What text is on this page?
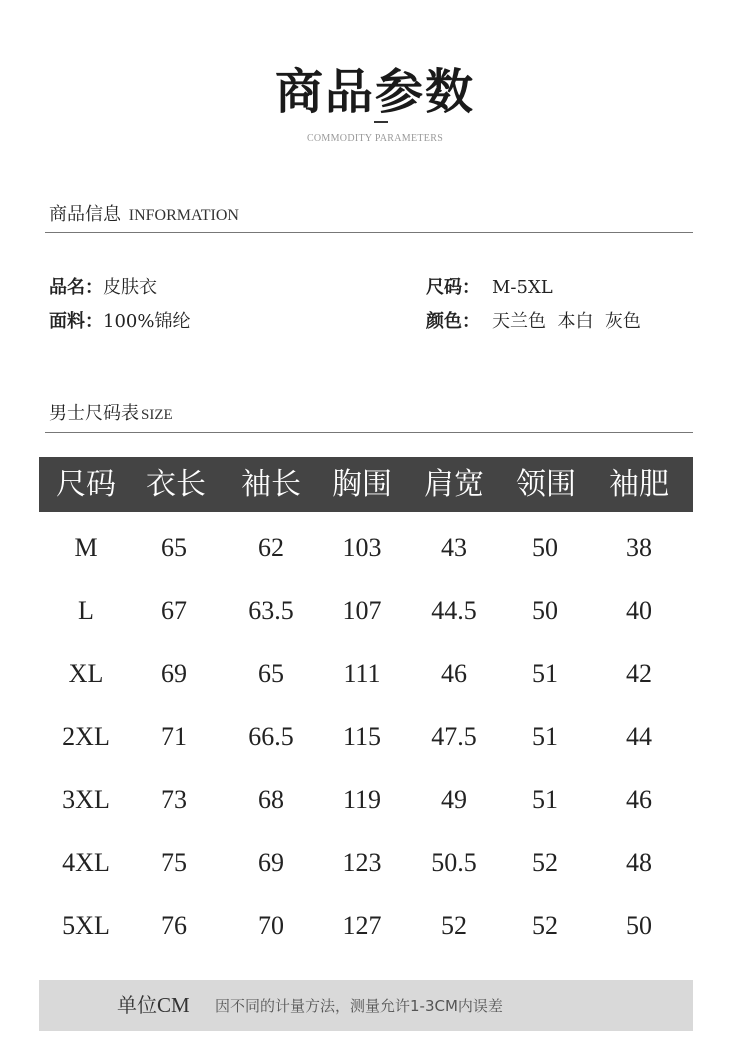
商品参数
COMMODITY PARAMETERS
商品信息 INFORMATION
品名：皮肤衣	尺码： M-5XL
面料：100%锦纶	颜色： 天兰色  本白  灰色
男士尺码表 SIZE
尺码 衣长 袖长 胸围 肩宽 领围 袖肥
M 65	62 103 43	50	38
L	67 63.5 107 44.5 50	40
XL 69	65 111 46	51	42
2XL 71 66.5 115 47.5 51	44
3XL 73	68 119 49	51	46
4XL 75	69 123 50.5 52	48
5XL 76	70 127 52	52	50
单位CM 因不同的计量方法，测量允许1-3CM内误差
